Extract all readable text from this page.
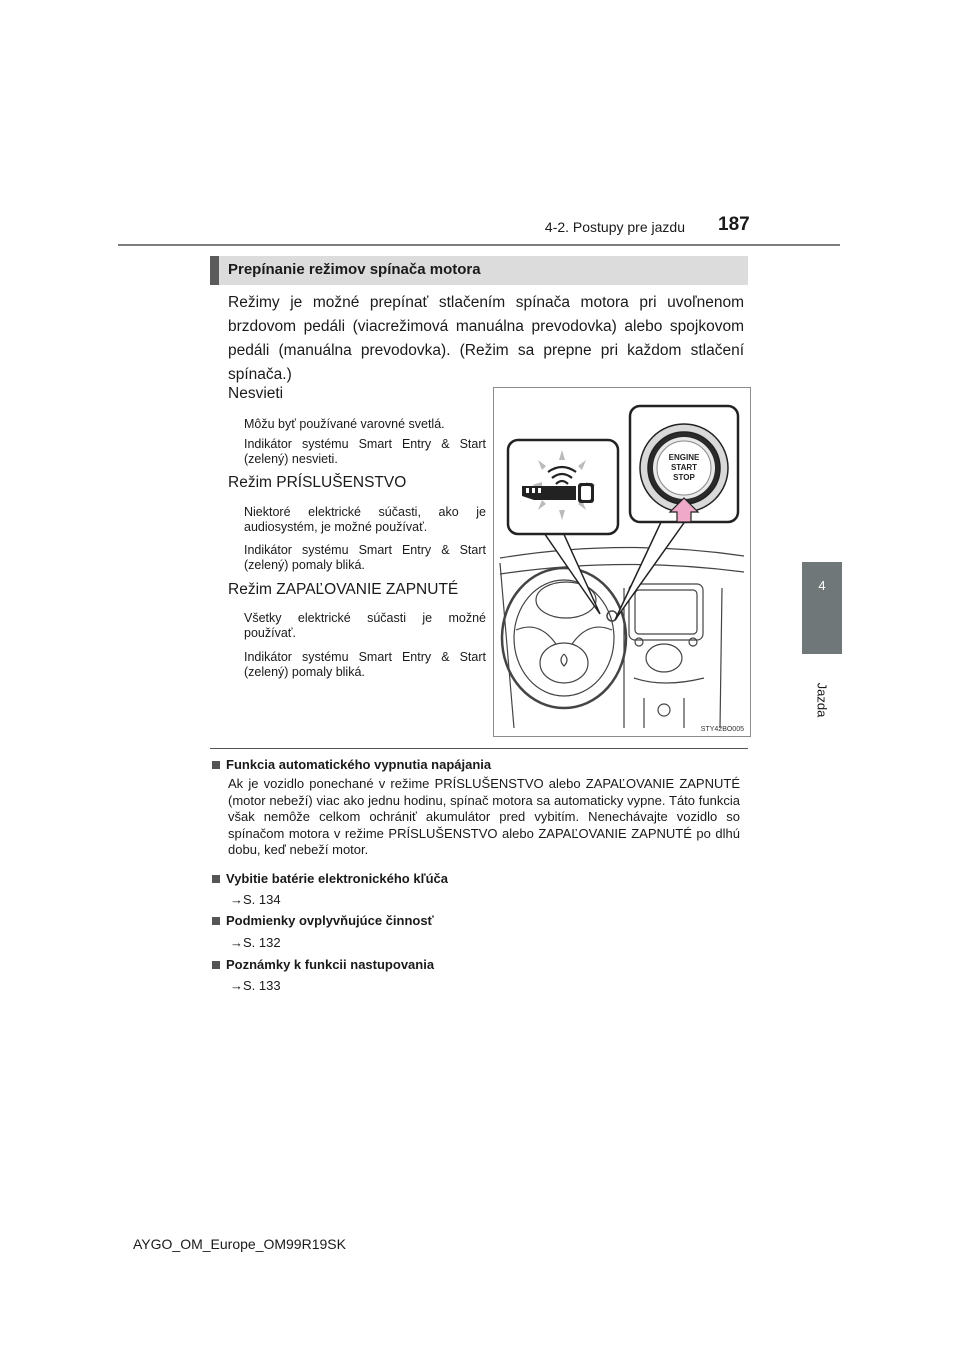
4-2. Postupy pre jazdu 187
4
Jazda
Prepínanie režimov spínača motora
Režimy je možné prepínať stlačením spínača motora pri uvoľnenom brzdovom pedáli (viacrežimová manuálna prevodovka) alebo spojkovom pedáli (manuálna prevodovka). (Režim sa prepne pri každom stlačení spínača.)
Nesvieti
Môžu byť používané varovné svetlá.
Indikátor systému Smart Entry & Start (zelený) nesvieti.
Režim PRÍSLUŠENSTVO
Niektoré elektrické súčasti, ako je audiosystém, je možné používať.
Indikátor systému Smart Entry & Start (zelený) pomaly bliká.
Režim ZAPAĽOVANIE ZAPNUTÉ
Všetky elektrické súčasti je možné používať.
Indikátor systému Smart Entry & Start (zelený) pomaly bliká.
ENGINE
START
STOP
STY42BO005
Funkcia automatického vypnutia napájania
Ak je vozidlo ponechané v režime PRÍSLUŠENSTVO alebo ZAPAĽOVANIE ZAPNUTÉ (motor nebeží) viac ako jednu hodinu, spínač motora sa automaticky vypne. Táto funkcia však nemôže celkom ochrániť akumulátor pred vybitím. Nenechávajte vozidlo so spínačom motora v režime PRÍSLUŠENSTVO alebo ZAPAĽOVANIE ZAPNUTÉ po dlhú dobu, keď nebeží motor.
Vybitie batérie elektronického kľúča
→S. 134
Podmienky ovplyvňujúce činnosť
→S. 132
Poznámky k funkcii nastupovania
→S. 133
AYGO_OM_Europe_OM99R19SK
